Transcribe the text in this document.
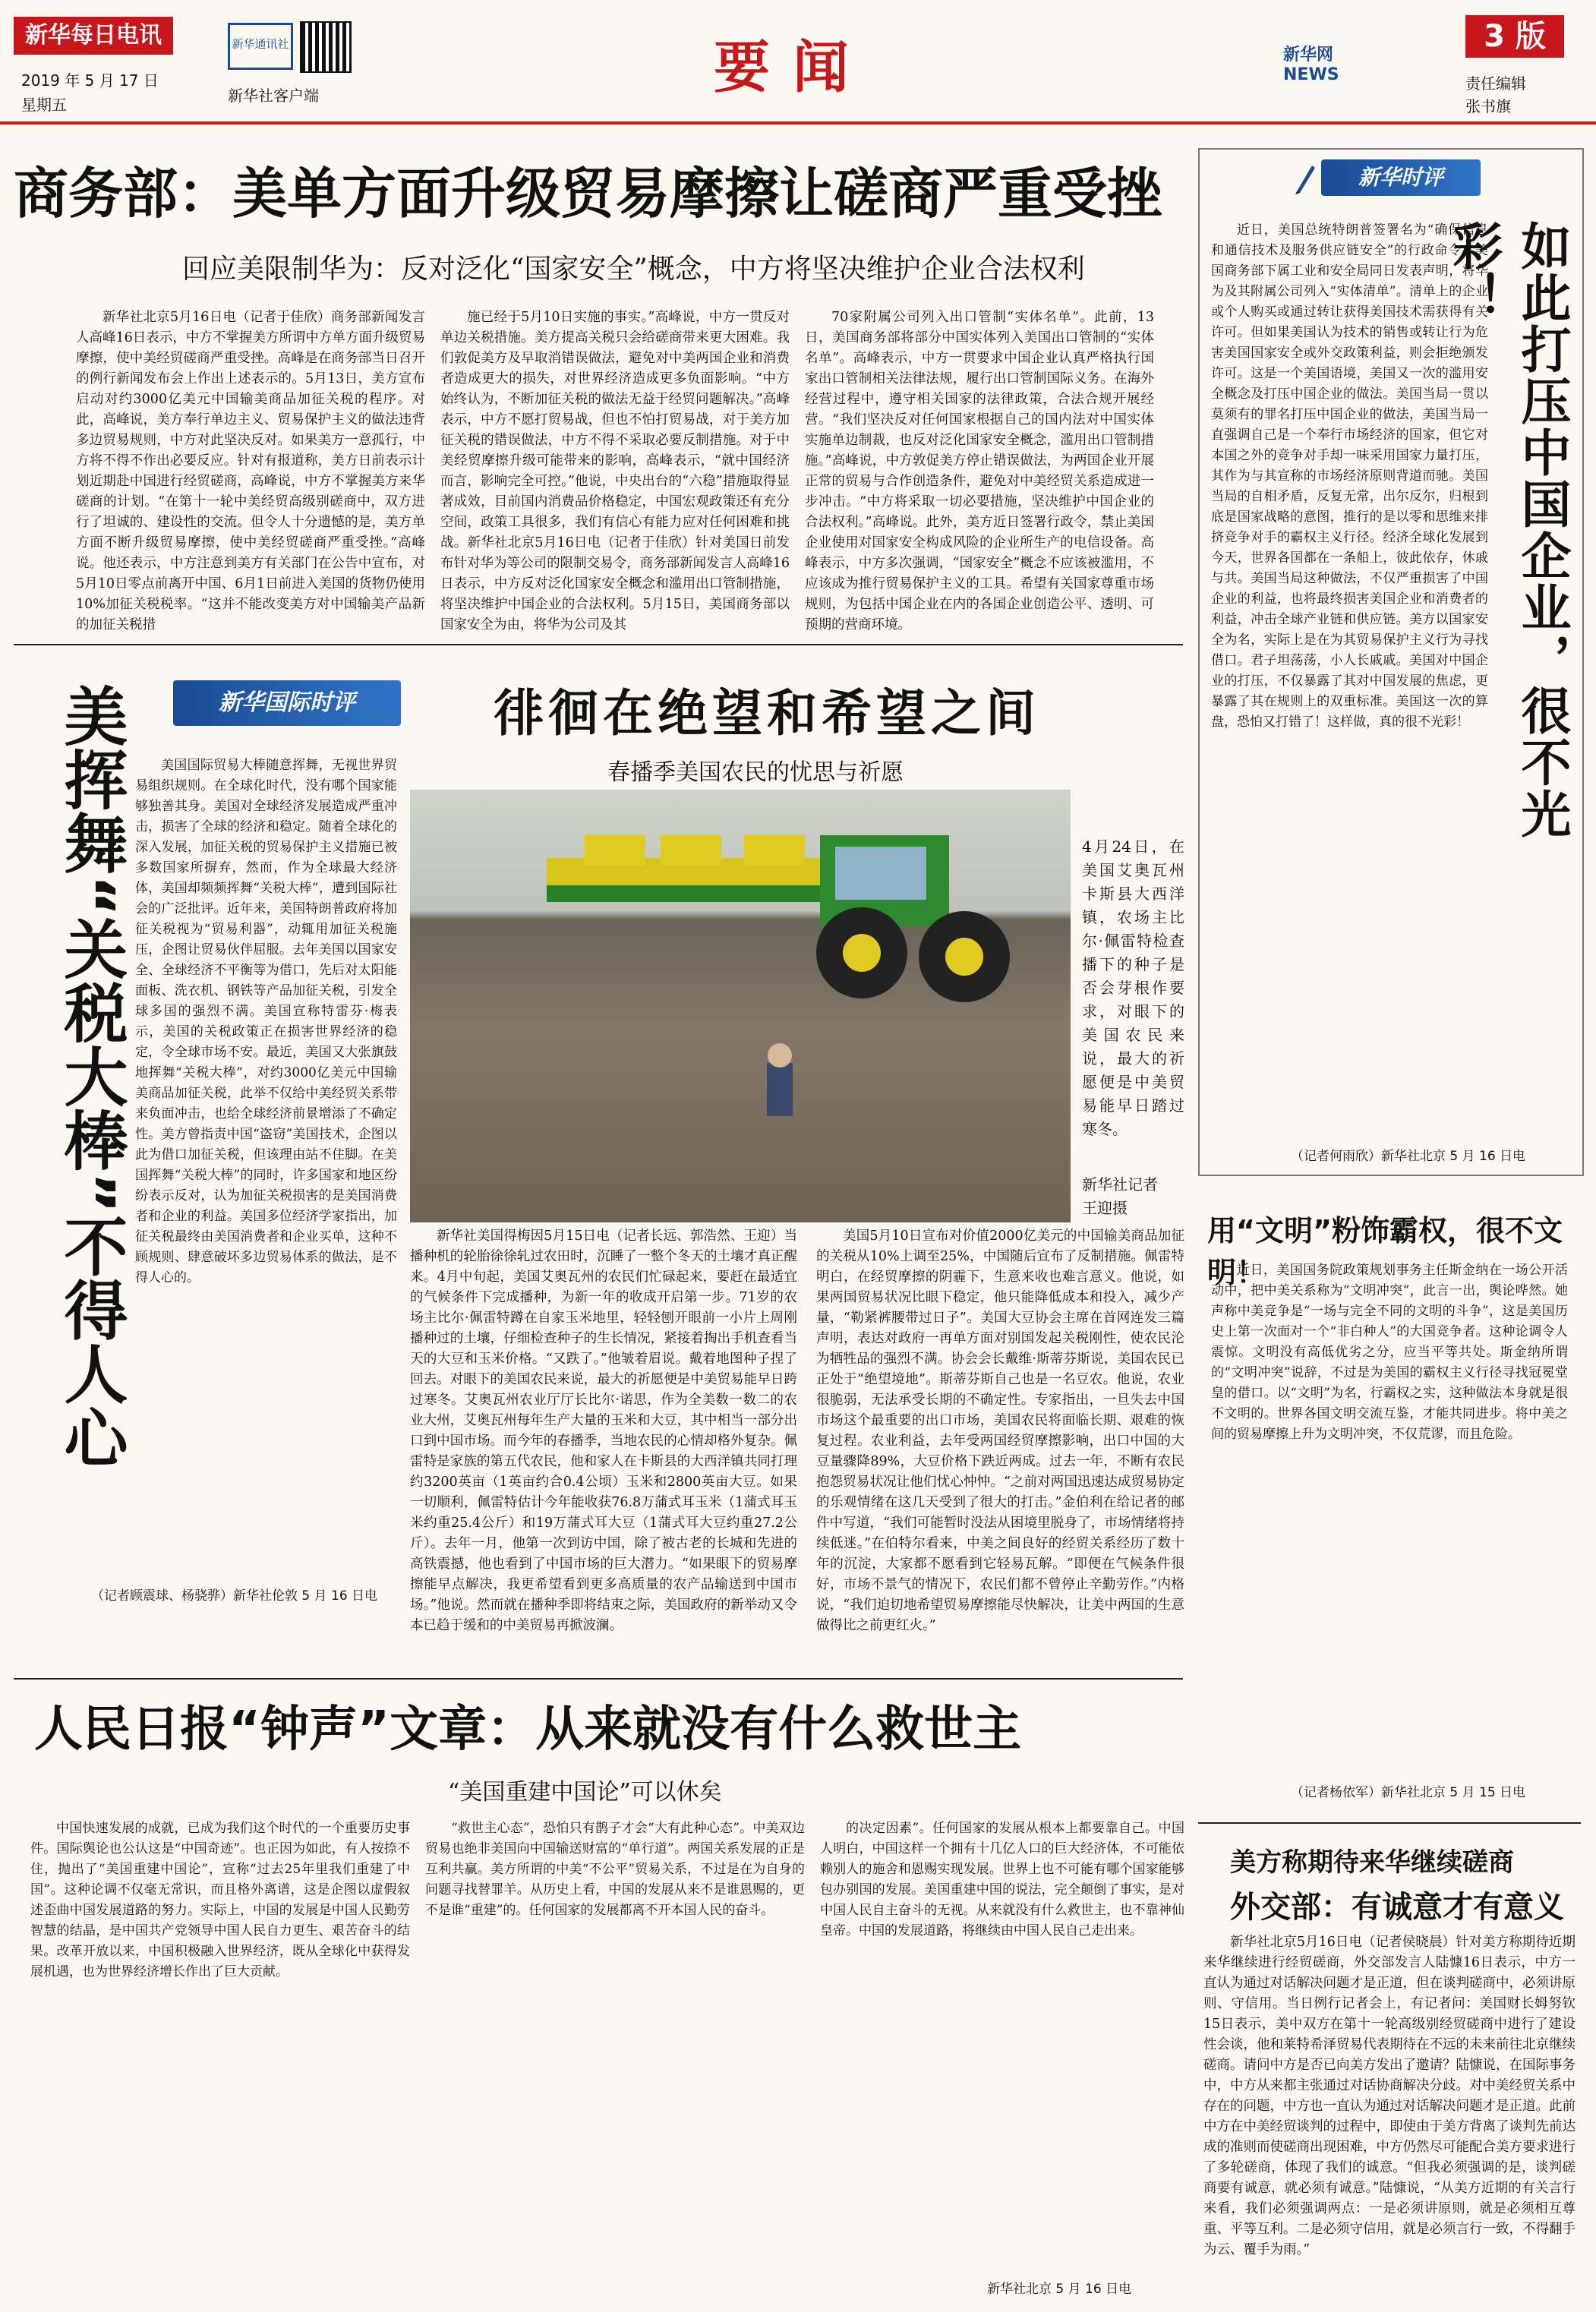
新华每日电讯
2019 年 5 月 17 日
星期五
新华通讯社
新华社客户端	要闻	新华网 NEWS
3 版
责任编辑
张书旗
商务部：美单方面升级贸易摩擦让磋商严重受挫
回应美限制华为：反对泛化“国家安全”概念，中方将坚决维护企业合法权利

新华社北京5月16日电（记者于佳欣）商务部新闻发言人高峰16日表示，中方不掌握美方所谓中方单方面升级贸易摩擦，使中美经贸磋商严重受挫。高峰是在商务部当日召开的例行新闻发布会上作出上述表示的。5月13日，美方宣布启动对约3000亿美元中国输美商品加征关税的程序。对此，高峰说，美方奉行单边主义、贸易保护主义的做法违背多边贸易规则，中方对此坚决反对。如果美方一意孤行，中方将不得不作出必要反应。针对有报道称，美方日前表示计划近期赴中国进行经贸磋商，高峰说，中方不掌握美方来华磋商的计划。“在第十一轮中美经贸高级别磋商中，双方进行了坦诚的、建设性的交流。但令人十分遗憾的是，美方单方面不断升级贸易摩擦，使中美经贸磋商严重受挫。”高峰说。他还表示，中方注意到美方有关部门在公告中宣布，对5月10日零点前离开中国、6月1日前进入美国的货物仍使用10%加征关税税率。“这并不能改变美方对中国输美产品新的加征关税措

施已经于5月10日实施的事实。”高峰说，中方一贯反对单边关税措施。美方提高关税只会给磋商带来更大困难。我们敦促美方及早取消错误做法，避免对中美两国企业和消费者造成更大的损失，对世界经济造成更多负面影响。“中方始终认为，不断加征关税的做法无益于经贸问题解决。”高峰表示，中方不愿打贸易战，但也不怕打贸易战，对于美方加征关税的错误做法，中方不得不采取必要反制措施。对于中美经贸摩擦升级可能带来的影响，高峰表示，“就中国经济而言，影响完全可控。”他说，中央出台的“六稳”措施取得显著成效，目前国内消费品价格稳定，中国宏观政策还有充分空间，政策工具很多，我们有信心有能力应对任何困难和挑战。新华社北京5月16日电（记者于佳欣）针对美国日前发布针对华为等公司的限制交易令，商务部新闻发言人高峰16日表示，中方反对泛化国家安全概念和滥用出口管制措施，将坚决维护中国企业的合法权利。5月15日，美国商务部以国家安全为由，将华为公司及其

70家附属公司列入出口管制“实体名单”。此前，13日，美国商务部将部分中国实体列入美国出口管制的“实体名单”。高峰表示，中方一贯要求中国企业认真严格执行国家出口管制相关法律法规，履行出口管制国际义务。在海外经营过程中，遵守相关国家的法律政策，合法合规开展经营。“我们坚决反对任何国家根据自己的国内法对中国实体实施单边制裁，也反对泛化国家安全概念，滥用出口管制措施。”高峰说，中方敦促美方停止错误做法，为两国企业开展正常的贸易与合作创造条件，避免对中美经贸关系造成进一步冲击。“中方将采取一切必要措施，坚决维护中国企业的合法权利。”高峰说。此外，美方近日签署行政令，禁止美国企业使用对国家安全构成风险的企业所生产的电信设备。高峰表示，中方多次强调，“国家安全”概念不应该被滥用，不应该成为推行贸易保护主义的工具。希望有关国家尊重市场规则，为包括中国企业在内的各国企业创造公平、透明、可预期的营商环境。

新华时评
如此打压中国企业，很不光彩！

近日，美国总统特朗普签署名为“确保信息和通信技术及服务供应链安全”的行政命令，美国商务部下属工业和安全局同日发表声明，将华为及其附属公司列入“实体清单”。清单上的企业或个人购买或通过转让获得美国技术需获得有关许可。但如果美国认为技术的销售或转让行为危害美国国家安全或外交政策利益，则会拒绝颁发许可。这是一个美国语境，美国又一次的滥用安全概念及打压中国企业的做法。美国当局一贯以莫须有的罪名打压中国企业的做法，美国当局一直强调自己是一个奉行市场经济的国家，但它对本国之外的竞争对手却一味采用国家力量打压，其作为与其宣称的市场经济原则背道而驰。美国当局的自相矛盾，反复无常，出尔反尔，归根到底是国家战略的意图，推行的是以零和思维来排挤竞争对手的霸权主义行径。经济全球化发展到今天，世界各国都在一条船上，彼此依存，休戚与共。美国当局这种做法，不仅严重损害了中国企业的利益，也将最终损害美国企业和消费者的利益，冲击全球产业链和供应链。美方以国家安全为名，实际上是在为其贸易保护主义行为寻找借口。君子坦荡荡，小人长戚戚。美国对中国企业的打压，不仅暴露了其对中国发展的焦虑，更暴露了其在规则上的双重标准。美国这一次的算盘，恐怕又打错了！这样做，真的很不光彩！

（记者何雨欣）新华社北京 5 月 16 日电
新华国际时评
美挥舞“关税大棒”不得人心	美国国际贸易大棒随意挥舞，无视世界贸易组织规则。在全球化时代，没有哪个国家能够独善其身。美国对全球经济发展造成严重冲击，损害了全球的经济和稳定。随着全球化的深入发展，加征关税的贸易保护主义措施已被多数国家所摒弃，然而，作为全球最大经济体，美国却频频挥舞“关税大棒”，遭到国际社会的广泛批评。近年来，美国特朗普政府将加征关税视为“贸易利器”，动辄用加征关税施压，企图让贸易伙伴屈服。去年美国以国家安全、全球经济不平衡等为借口，先后对太阳能面板、洗衣机、钢铁等产品加征关税，引发全球多国的强烈不满。美国宣称特雷芬·梅表示，美国的关税政策正在损害世界经济的稳定，令全球市场不安。最近，美国又大张旗鼓地挥舞“关税大棒”，对约3000亿美元中国输美商品加征关税，此举不仅给中美经贸关系带来负面冲击，也给全球经济前景增添了不确定性。美方曾指责中国“盗窃”美国技术，企图以此为借口加征关税，但该理由站不住脚。在美国挥舞“关税大棒”的同时，许多国家和地区纷纷表示反对，认为加征关税损害的是美国消费者和企业的利益。美国多位经济学家指出，加征关税最终由美国消费者和企业买单，这种不顾规则、肆意破坏多边贸易体系的做法，是不得人心的。

（记者顾震球、杨骁骅）新华社伦敦 5 月 16 日电
徘徊在绝望和希望之间
春播季美国农民的忧思与祈愿
4月24日，在美国艾奥瓦州卡斯县大西洋镇，农场主比尔·佩雷特检查播下的种子是否会芽根作要求，对眼下的美国农民来说，最大的祈愿便是中美贸易能早日踏过寒冬。
新华社记者
王迎摄

新华社美国得梅因5月15日电（记者长远、郭浩然、王迎）当播种机的轮胎徐徐轧过农田时，沉睡了一整个冬天的土壤才真正醒来。4月中旬起，美国艾奥瓦州的农民们忙碌起来，要赶在最适宜的气候条件下完成播种，为新一年的收成开启第一步。71岁的农场主比尔·佩雷特蹲在自家玉米地里，轻轻刨开眼前一小片上周刚播种过的土壤，仔细检查种子的生长情况，紧接着掏出手机查看当天的大豆和玉米价格。“又跌了。”他皱着眉说。戴着地图种子捏了回去。对眼下的美国农民来说，最大的祈愿便是中美贸易能早日跨过寒冬。艾奥瓦州农业厅厅长比尔·诺思，作为全美数一数二的农业大州，艾奥瓦州每年生产大量的玉米和大豆，其中相当一部分出口到中国市场。而今年的春播季，当地农民的心情却格外复杂。佩雷特是家族的第五代农民，他和家人在卡斯县的大西洋镇共同打理约3200英亩（1英亩约合0.4公顷）玉米和2800英亩大豆。如果一切顺利，佩雷特估计今年能收获76.8万蒲式耳玉米（1蒲式耳玉米约重25.4公斤）和19万蒲式耳大豆（1蒲式耳大豆约重27.2公斤）。去年一月，他第一次到访中国，除了被古老的长城和先进的高铁震撼，他也看到了中国市场的巨大潜力。“如果眼下的贸易摩擦能早点解决，我更希望看到更多高质量的农产品输送到中国市场。”他说。然而就在播种季即将结束之际，美国政府的新举动又令本已趋于缓和的中美贸易再掀波澜。

美国5月10日宣布对价值2000亿美元的中国输美商品加征的关税从10%上调至25%，中国随后宣布了反制措施。佩雷特明白，在经贸摩擦的阴霾下，生意来收也难言意义。他说，如果两国贸易状况比眼下稳定，他只能降低成本和投入，减少产量，“勒紧裤腰带过日子”。美国大豆协会主席在首网连发三篇声明，表达对政府一再单方面对别国发起关税刚性，使农民沦为牺牲品的强烈不满。协会会长戴维·斯蒂芬斯说，美国农民已正处于“绝望境地”。斯蒂芬斯自己也是一名豆农。他说，农业很脆弱，无法承受长期的不确定性。专家指出，一旦失去中国市场这个最重要的出口市场，美国农民将面临长期、艰难的恢复过程。农业利益，去年受两国经贸摩擦影响，出口中国的大豆量骤降89%，大豆价格下跌近两成。过去一年，不断有农民抱怨贸易状况让他们忧心忡忡。“之前对两国迅速达成贸易协定的乐观情绪在这几天受到了很大的打击。”金伯利在给记者的邮件中写道，“我们可能暂时没法从困境里脱身了，市场情绪将持续低迷。”在伯特尔看来，中美之间良好的经贸关系经历了数十年的沉淀，大家都不愿看到它轻易瓦解。“即便在气候条件很好，市场不景气的情况下，农民们都不曾停止辛勤劳作。”内格说，“我们迫切地希望贸易摩擦能尽快解决，让美中两国的生意做得比之前更红火。”

用“文明”粉饰霸权，很不文明！

近日，美国国务院政策规划事务主任斯金纳在一场公开活动中，把中美关系称为“文明冲突”，此言一出，舆论哗然。她声称中美竞争是“一场与完全不同的文明的斗争”，这是美国历史上第一次面对一个“非白种人”的大国竞争者。这种论调令人震惊。文明没有高低优劣之分，应当平等共处。斯金纳所谓的“文明冲突”说辞，不过是为美国的霸权主义行径寻找冠冕堂皇的借口。以“文明”为名，行霸权之实，这种做法本身就是很不文明的。世界各国文明交流互鉴，才能共同进步。将中美之间的贸易摩擦上升为文明冲突，不仅荒谬，而且危险。

（记者杨依军）新华社北京 5 月 15 日电
人民日报“钟声”文章：从来就没有什么救世主
“美国重建中国论”可以休矣

中国快速发展的成就，已成为我们这个时代的一个重要历史事件。国际舆论也公认这是“中国奇迹”。也正因为如此，有人按捺不住，抛出了“美国重建中国论”，宣称“过去25年里我们重建了中国”。这种论调不仅毫无常识，而且格外离谱，这是企图以虚假叙述歪曲中国发展道路的努力。实际上，中国的发展是中国人民勤劳智慧的结晶，是中国共产党领导中国人民自力更生、艰苦奋斗的结果。改革开放以来，中国积极融入世界经济，既从全球化中获得发展机遇，也为世界经济增长作出了巨大贡献。

“救世主心态”，恐怕只有鹊子才会“大有此种心态”。中美双边贸易也绝非美国向中国输送财富的“单行道”。两国关系发展的正是互利共赢。美方所谓的中美“不公平”贸易关系，不过是在为自身的问题寻找替罪羊。从历史上看，中国的发展从来不是谁恩赐的，更不是谁“重建”的。任何国家的发展都离不开本国人民的奋斗。

的决定因素”。任何国家的发展从根本上都要靠自己。中国人明白，中国这样一个拥有十几亿人口的巨大经济体，不可能依赖别人的施舍和恩赐实现发展。世界上也不可能有哪个国家能够包办别国的发展。美国重建中国的说法，完全颠倒了事实，是对中国人民自主奋斗的无视。从来就没有什么救世主，也不靠神仙皇帝。中国的发展道路，将继续由中国人民自己走出来。

新华社北京 5 月 16 日电
美方称期待来华继续磋商
外交部：有诚意才有意义

新华社北京5月16日电（记者侯晓晨）针对美方称期待近期来华继续进行经贸磋商，外交部发言人陆慷16日表示，中方一直认为通过对话解决问题才是正道，但在谈判磋商中，必须讲原则、守信用。当日例行记者会上，有记者问：美国财长姆努钦15日表示，美中双方在第十一轮高级别经贸磋商中进行了建设性会谈，他和莱特希泽贸易代表期待在不远的未来前往北京继续磋商。请问中方是否已向美方发出了邀请？陆慷说，在国际事务中，中方从来都主张通过对话协商解决分歧。对中美经贸关系中存在的问题，中方也一直认为通过对话解决问题才是正道。此前中方在中美经贸谈判的过程中，即使由于美方背离了谈判先前达成的准则而使磋商出现困难，中方仍然尽可能配合美方要求进行了多轮磋商，体现了我们的诚意。“但我必须强调的是，谈判磋商要有诚意，就必须有诚意。”陆慷说，“从美方近期的有关言行来看，我们必须强调两点：一是必须讲原则，就是必须相互尊重、平等互利。二是必须守信用，就是必须言行一致，不得翻手为云、覆手为雨。”
